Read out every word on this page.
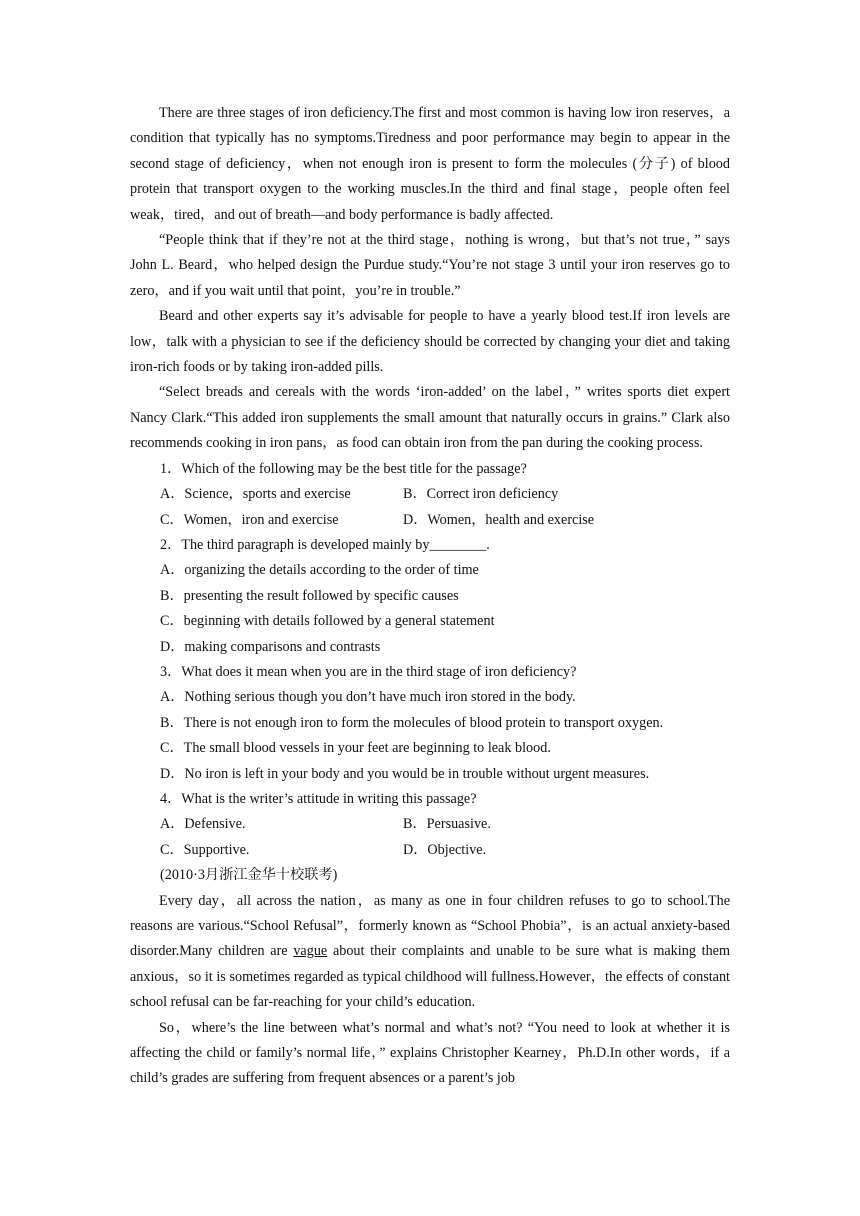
There are three stages of iron deficiency.The first and most common is having low iron reserves，a condition that typically has no symptoms.Tiredness and poor performance may begin to appear in the second stage of deficiency，when not enough iron is present to form the molecules (分子) of blood protein that transport oxygen to the working muscles.In the third and final stage，people often feel weak，tired，and out of breath—and body performance is badly affected.

“People think that if they’re not at the third stage，nothing is wrong，but that’s not true，” says John L. Beard，who helped design the Purdue study.“You’re not stage 3 until your iron reserves go to zero，and if you wait until that point，you’re in trouble.”

Beard and other experts say it’s advisable for people to have a yearly blood test.If iron levels are low，talk with a physician to see if the deficiency should be corrected by changing your diet and taking iron-rich foods or by taking iron-added pills.

“Select breads and cereals with the words ‘iron-added’ on the label，” writes sports diet expert Nancy Clark.“This added iron supplements the small amount that naturally occurs in grains.” Clark also recommends cooking in iron pans，as food can obtain iron from the pan during the cooking process.

1．Which of the following may be the best title for the passage?

A．Science，sports and exercise	B．Correct iron deficiency

C．Women，iron and exercise	D．Women，health and exercise

2．The third paragraph is developed mainly by________.

A．organizing the details according to the order of time

B．presenting the result followed by specific causes

C．beginning with details followed by a general statement

D．making comparisons and contrasts

3．What does it mean when you are in the third stage of iron deficiency?

A．Nothing serious though you don’t have much iron stored in the body.

B．There is not enough iron to form the molecules of blood protein to transport oxygen.

C．The small blood vessels in your feet are beginning to leak blood.

D．No iron is left in your body and you would be in trouble without urgent measures.

4．What is the writer’s attitude in writing this passage?

A．Defensive.	B．Persuasive.

C．Supportive.	D．Objective.

(2010·3月浙江金华十校联考)

Every day，all across the nation，as many as one in four children refuses to go to school.The reasons are various.“School Refusal”，formerly known as “School Phobia”，is an actual anxiety-based disorder.Many children are vague about their complaints and unable to be sure what is making them anxious，so it is sometimes regarded as typical childhood will fullness.However，the effects of constant school refusal can be far-reaching for your child’s education.

So，where’s the line between what’s normal and what’s not? “You need to look at whether it is affecting the child or family’s normal life，” explains Christopher Kearney，Ph.D.In other words，if a child’s grades are suffering from frequent absences or a parent’s job
